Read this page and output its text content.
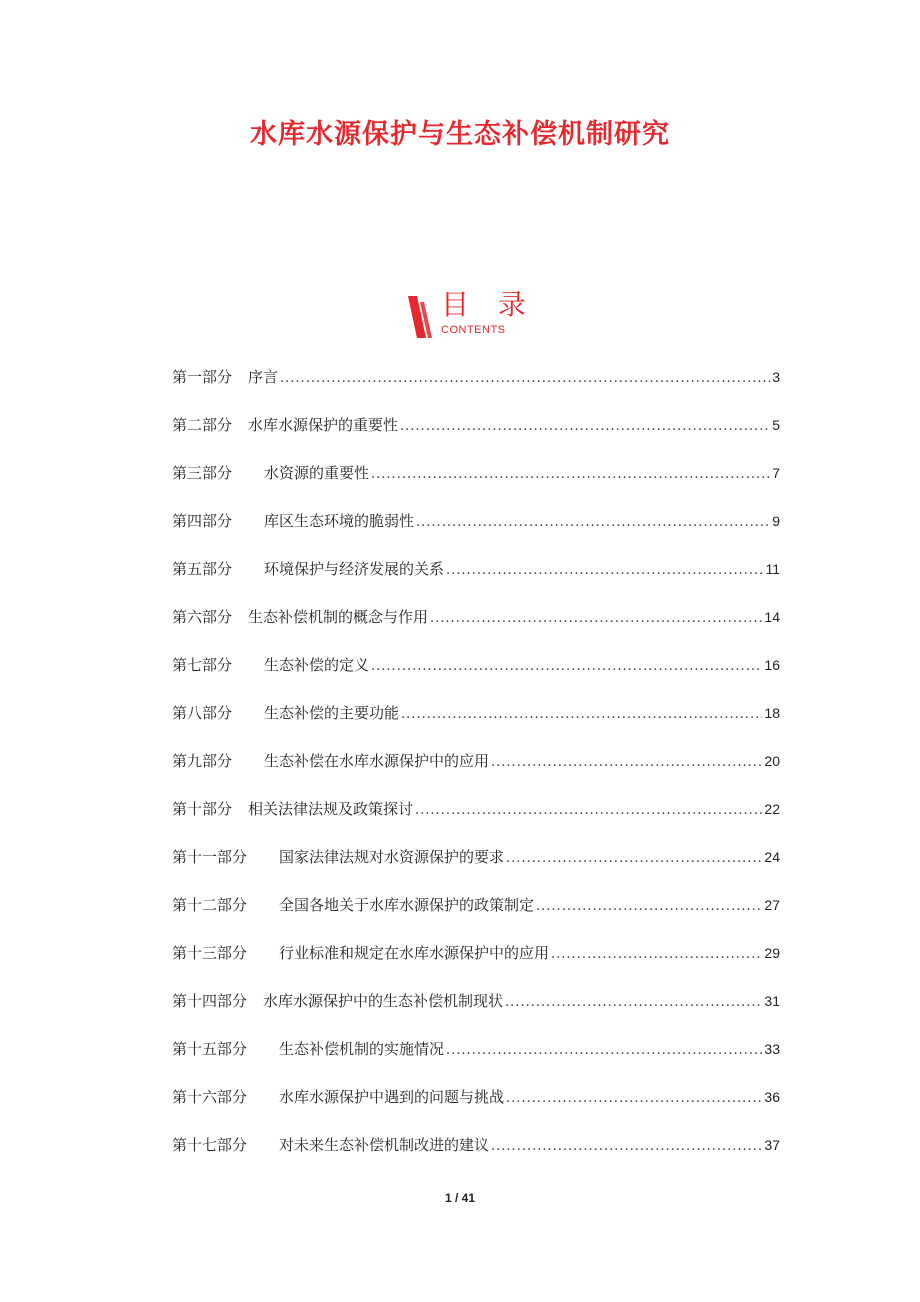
水库水源保护与生态补偿机制研究
目 录
CONTENTS
第一部分 序言 .....	3
第二部分 水库水源保护的重要性 .....	5
第三部分 水资源的重要性 .....	7
第四部分 库区生态环境的脆弱性 .....	9
第五部分 环境保护与经济发展的关系 .....	11
第六部分 生态补偿机制的概念与作用 .....	14
第七部分 生态补偿的定义 .....	16
第八部分 生态补偿的主要功能 .....	18
第九部分 生态补偿在水库水源保护中的应用 .....	20
第十部分 相关法律法规及政策探讨 .....	22
第十一部分 国家法律法规对水资源保护的要求 .....	24
第十二部分 全国各地关于水库水源保护的政策制定 .....	27
第十三部分 行业标准和规定在水库水源保护中的应用 .....	29
第十四部分 水库水源保护中的生态补偿机制现状 .....	31
第十五部分 生态补偿机制的实施情况 .....	33
第十六部分 水库水源保护中遇到的问题与挑战 .....	36
第十七部分 对未来生态补偿机制改进的建议 .....	37
1 / 41
